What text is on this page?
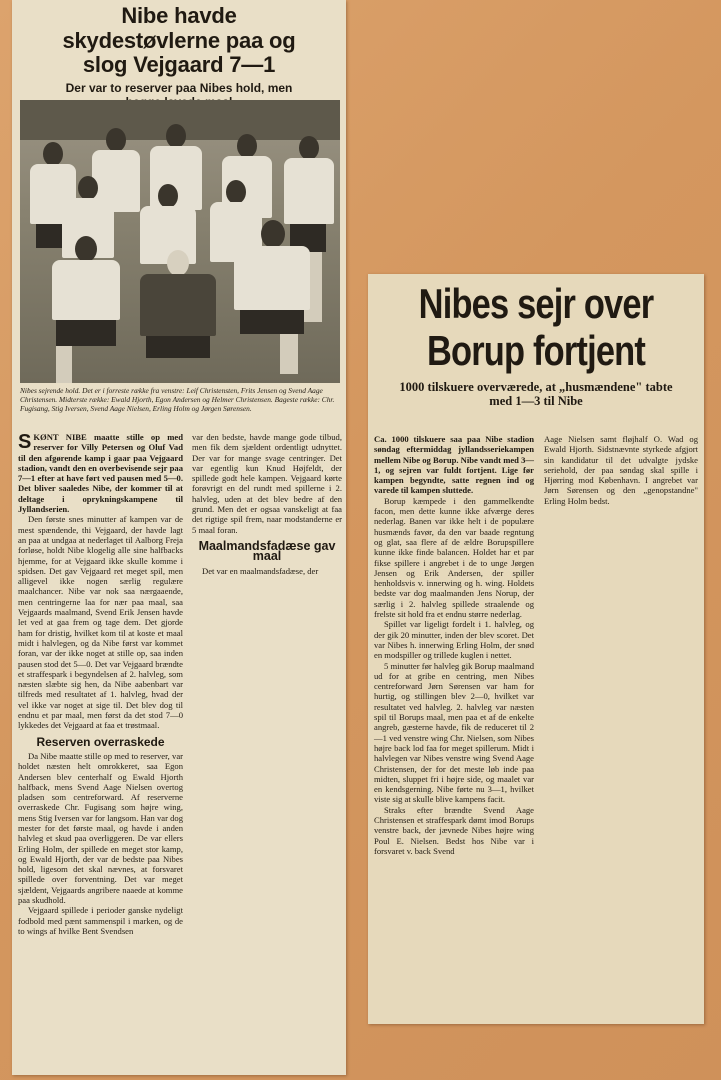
Nibe havde skydestøvlerne paa og slog Vejgaard 7—1
Der var to reserver paa Nibes hold, men
Nibes sejrende hold. Det er i forreste række fra venstre: Leif Christensten, Frits Jensen og Svend Aage Christensen. Midterste række: Ewald Hjorth, Egon Andersen og Helmer Christensen. Bageste række: Chr. Fugisang, Stig Iversen, Svend Aage Nielsen, Erling Holm og Jørgen Sørensen.

SKØNT NIBE maatte stille op med reserver for Villy Petersen og Oluf Vad til den afgørende kamp i gaar paa Vejgaard stadion, vandt den en overbevisende sejr paa 7—1 efter at have ført ved pausen med 5—0. Det bliver saaledes Nibe, der kommer til at deltage i oprykningskampene til Jyllandserien.

Den første snes minutter af kampen var de mest spændende, thi Vejgaard, der havde lagt an paa at undgaa at nederlaget til Aalborg Freja forløse, holdt Nibe klogelig alle sine halfbacks hjemme, for at Vejgaard ikke skulle komme i spidsen. Det gav Vejgaard ret meget spil, men alligevel ikke nogen særlig regulære maalchancer. Nibe var nok saa nærgaaende, men centringerne laa for nær paa maal, saa Vejgaards maalmand, Svend Erik Jensen havde let ved at gaa frem og tage dem. Det gjorde ham for dristig, hvilket kom til at koste et maal midt i halvlegen, og da Nibe først var kommet foran, var der ikke noget at stille op, saa inden pausen stod det 5—0. Det var Vejgaard brændte et straffespark i begyndelsen af 2. halvleg, som næsten slæbte sig hen, da Nibe aabenbart var tilfreds med resultatet af 1. halvleg, hvad der vel ikke var noget at sige til. Det blev dog til endnu et par maal, men først da det stod 7—0 lykkedes det Vejgaard at faa et trøstmaal.

Reserven overraskede

Da Nibe maatte stille op med to reserver, var holdet næsten helt omrokkeret, saa Egon Andersen blev centerhalf og Ewald Hjorth halfback, mens Svend Aage Nielsen overtog pladsen som centreforward. Af reserverne overraskede Chr. Fugisang som højre wing, mens Stig Iversen var for langsom. Han var dog mester for det første maal, og havde i anden halvleg et skud paa overliggeren. De var ellers Erling Holm, der spillede en meget stor kamp, og Ewald Hjorth, der var de bedste paa Nibes hold, ligesom det skal nævnes, at forsvaret spillede over forventning. Det var meget sjældent, Vejgaards angribere naaede at komme paa skudhold.

Vejgaard spillede i perioder ganske nydeligt fodbold med pænt sammenspil i marken, og de to wings af hvilke Bent Svendsen

var den bedste, havde mange gode tilbud, men fik dem sjældent ordentligt udnyttet. Der var for mange svage centringer. Det var egentlig kun Knud Højfeldt, der spillede godt hele kampen. Vejgaard kørte forøvrigt en del rundt med spillerne i 2. halvleg, uden at det blev bedre af den grund. Men det er ogsaa vanskeligt at faa det rigtige spil frem, naar modstanderne er 5 maal foran.

Maalmandsfadæse gav maal

Det var en maalmandsfadæse, der

Nibes sejr over
Borup fortjent
1000 tilskuere overværede, at „husmændene" tabte med 1—3 til Nibe

Ca. 1000 tilskuere saa paa Nibe stadion søndag eftermiddag jyllandsseriekampen mellem Nibe og Borup. Nibe vandt med 3—1, og sejren var fuldt fortjent. Lige før kampen begyndte, satte regnen ind og varede til kampen sluttede.

Borup kæmpede i den gammelkendte facon, men dette kunne ikke afværge deres nederlag. Banen var ikke helt i de populære husmænds favør, da den var baade regntung og glat, saa flere af de ældre Borupspillere kunne ikke finde balancen. Holdet har et par fikse spillere i angrebet i de to unge Jørgen Jensen og Erik Andersen, der spiller henholdsvis v. innerwing og h. wing. Holdets bedste var dog maalmanden Jens Norup, der særlig i 2. halvleg spillede straalende og frelste sit hold fra et endnu større nederlag.

Spillet var ligeligt fordelt i 1. halvleg, og der gik 20 minutter, inden der blev scoret. Det var Nibes h. innerwing Erling Holm, der snød en modspiller og trillede kuglen i nettet.

5 minutter før halvleg gik Borup maalmand ud for at gribe en centring, men Nibes centreforward Jørn Sørensen var ham for hurtig, og stillingen blev 2—0, hvilket var resultatet ved halvleg. 2. halvleg var næsten spil til Borups maal, men paa et af de enkelte angreb, gæsterne havde, fik de reduceret til 2—1 ved venstre wing Chr. Nielsen, som Nibes højre back lod faa for meget spillerum. Midt i halvlegen var Nibes venstre wing Svend Aage Christensen, der for det meste løb inde paa midten, sluppet fri i højre side, og maalet var en kendsgerning. Nibe førte nu 3—1, hvilket viste sig at skulle blive kampens facit.

Straks efter brændte Svend Aage Christensen et straffespark dømt imod Borups venstre back, der jævnede Nibes højre wing Poul E. Nielsen. Bedst hos Nibe var i forsvaret v. back Svend

Aage Nielsen samt fløjhalf O. Wad og Ewald Hjorth. Sidstnævnte styrkede afgjort sin kandidatur til det udvalgte jydske seriehold, der paa søndag skal spille i Hjørring mod København. I angrebet var Jørn Sørensen og den „genopstandne" Erling Holm bedst.
